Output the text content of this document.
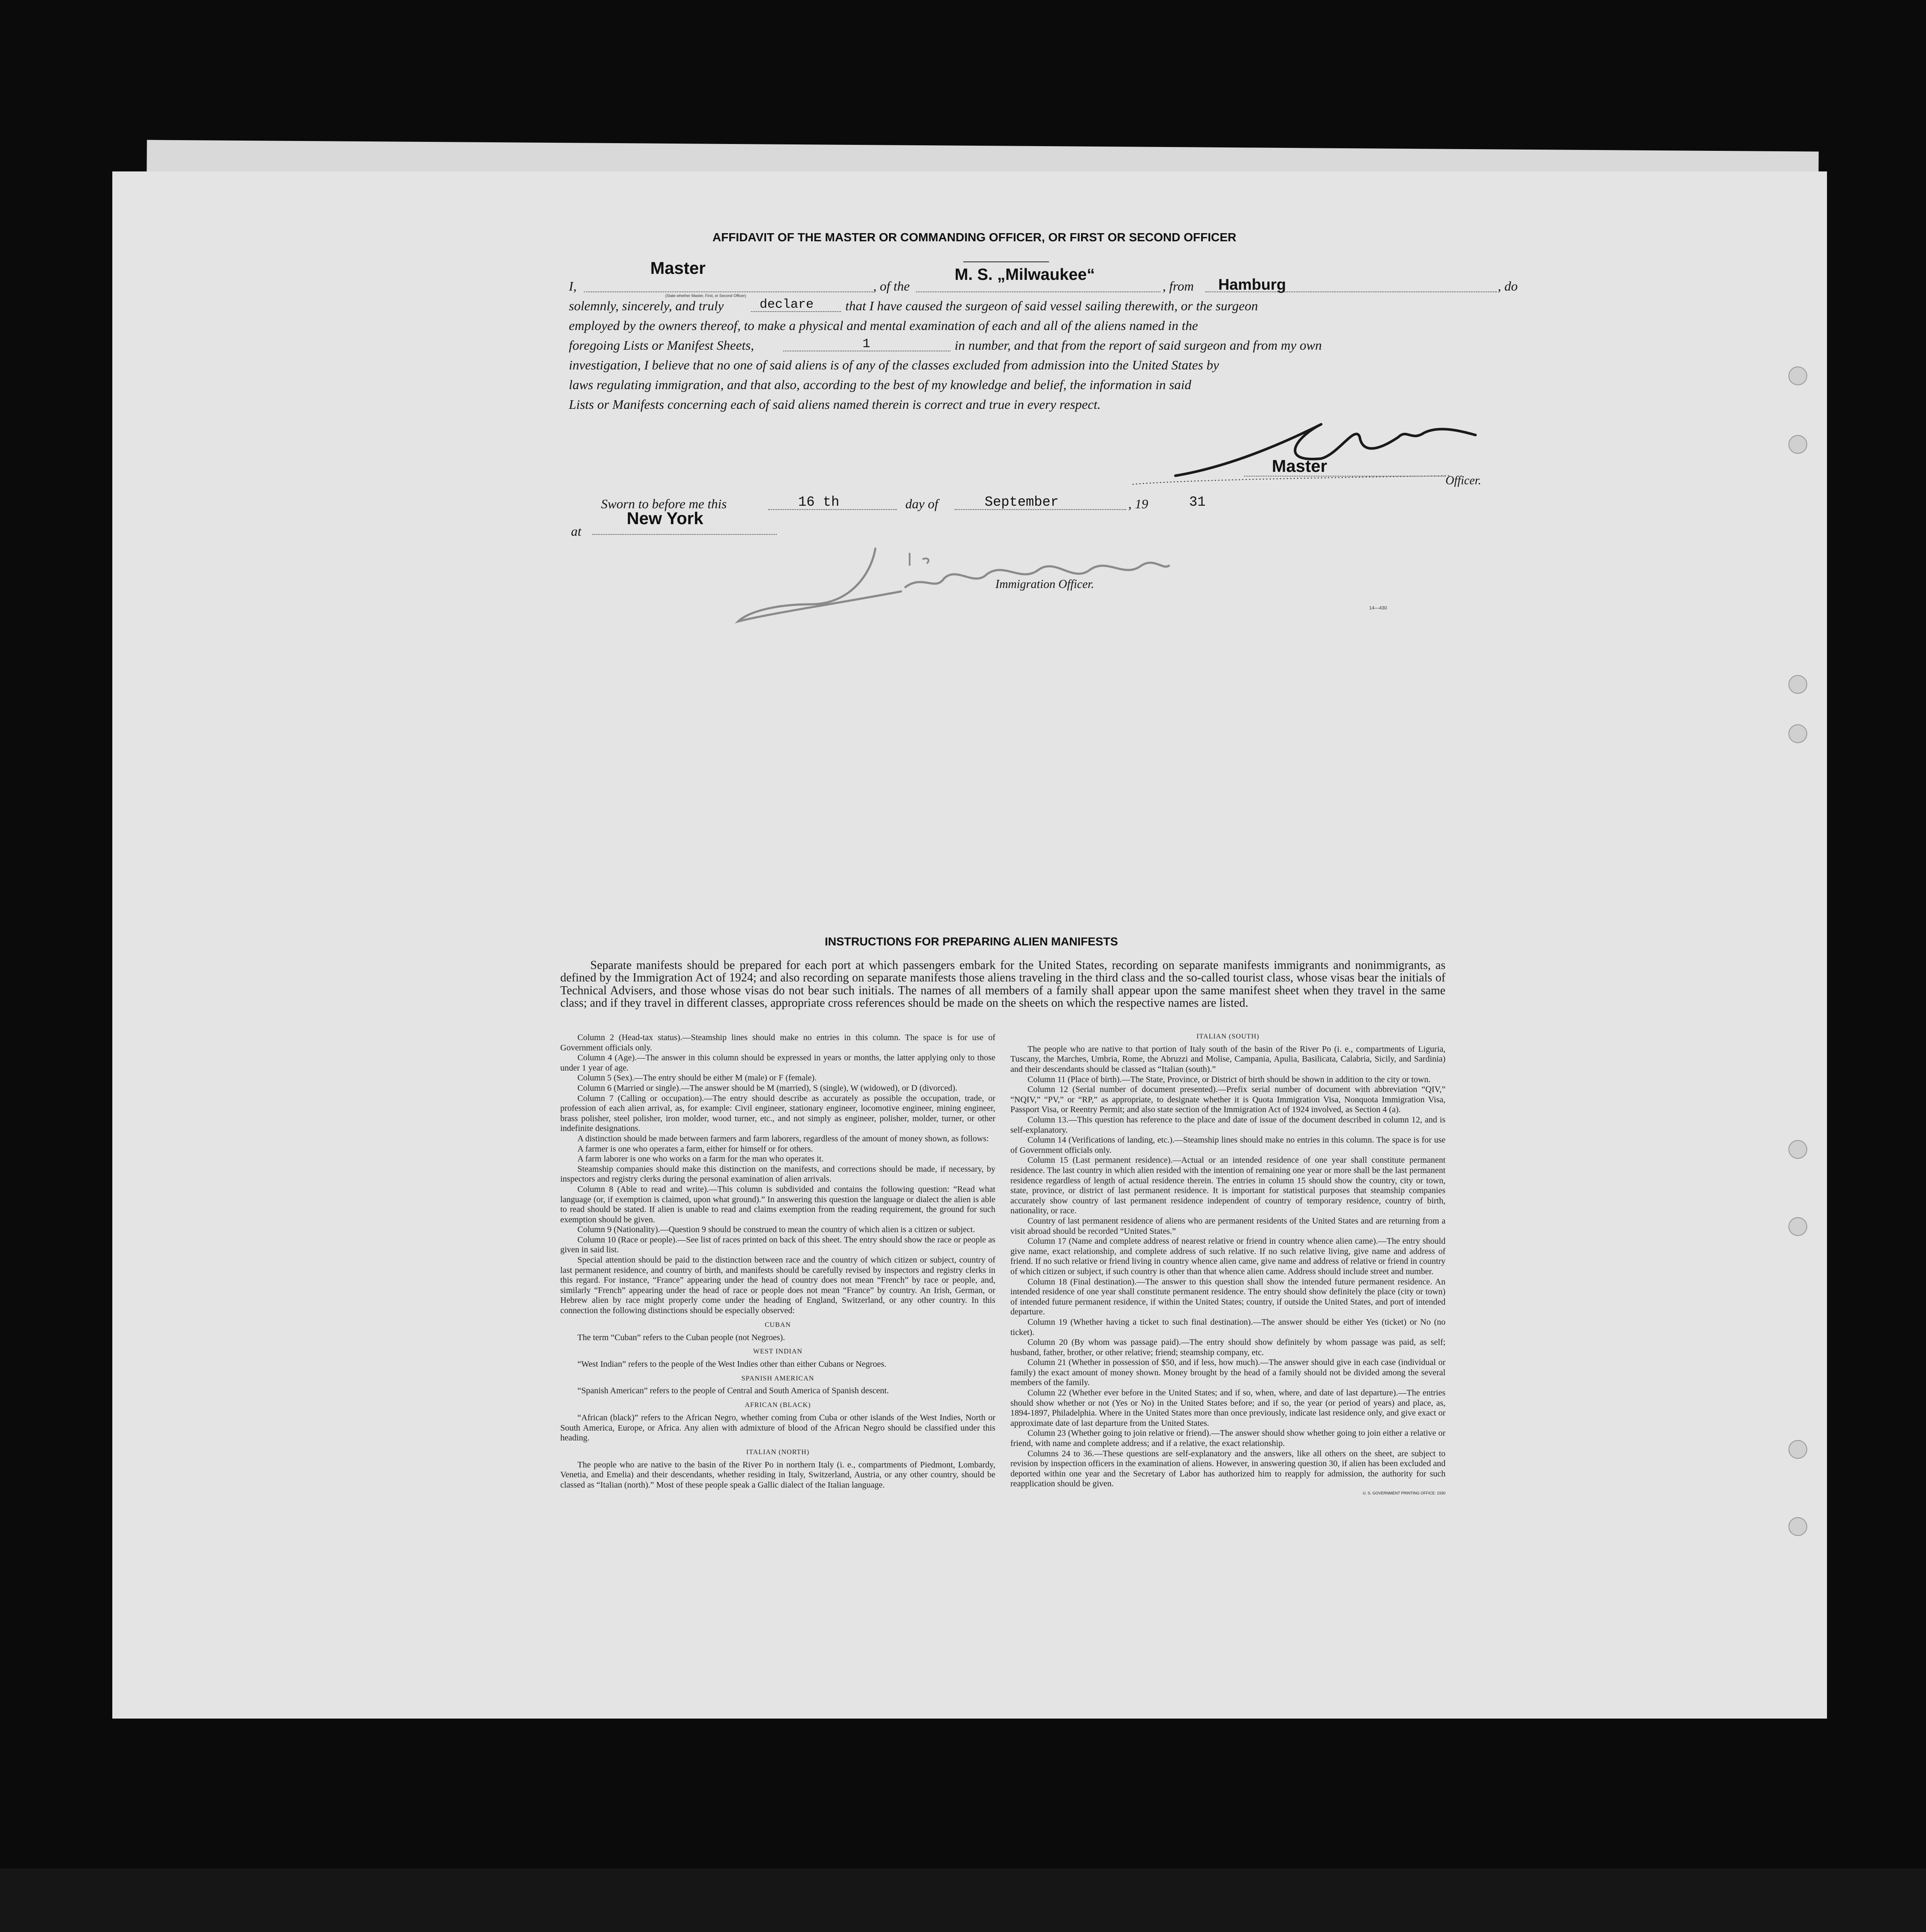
AFFIDAVIT OF THE MASTER OR COMMANDING OFFICER, OR FIRST OR SECOND OFFICER
I,
Master
(State whether Master, First, or Second Officer)
, of the
M. S. „Milwaukee“
, from Hamburg	, do
solemnly, sincerely, and truly	declare that I have caused the surgeon of said vessel sailing therewith, or the surgeon
employed by the owners thereof, to make a physical and mental examination of each and all of the aliens named in the
foregoing Lists or Manifest Sheets,	1	in number, and that from the report of said surgeon and from my own
investigation, I believe that no one of said aliens is of any of the classes excluded from admission into the United States by
laws regulating immigration, and that also, according to the best of my knowledge and belief, the information in said
Lists or Manifests concerning each of said aliens named therein is correct and true in every respect.
Master
Officer.
Sworn to before me this	16 th	day of	September	, 19	31
at
New York
Immigration Officer.
14—430
INSTRUCTIONS FOR PREPARING ALIEN MANIFESTS
Separate manifests should be prepared for each port at which passengers embark for the United States, recording on separate manifests immigrants and nonimmigrants, as defined by the Immigration Act of 1924; and also recording on separate manifests those aliens traveling in the third class and the so-called tourist class, whose visas bear the initials of Technical Advisers, and those whose visas do not bear such initials. The names of all members of a family shall appear upon the same manifest sheet when they travel in the same class; and if they travel in different classes, appropriate cross references should be made on the sheets on which the respective names are listed.

Column 2 (Head-tax status).—Steamship lines should make no entries in this column. The space is for use of Government officials only.

Column 4 (Age).—The answer in this column should be expressed in years or months, the latter applying only to those under 1 year of age.

Column 5 (Sex).—The entry should be either M (male) or F (female).

Column 6 (Married or single).—The answer should be M (married), S (single), W (widowed), or D (divorced).

Column 7 (Calling or occupation).—The entry should describe as accurately as possible the occupation, trade, or profession of each alien arrival, as, for example: Civil engineer, stationary engineer, locomotive engineer, mining engineer, brass polisher, steel polisher, iron molder, wood turner, etc., and not simply as engineer, polisher, molder, turner, or other indefinite designations.

A distinction should be made between farmers and farm laborers, regardless of the amount of money shown, as follows:

A farmer is one who operates a farm, either for himself or for others.

A farm laborer is one who works on a farm for the man who operates it.

Steamship companies should make this distinction on the manifests, and corrections should be made, if necessary, by inspectors and registry clerks during the personal examination of alien arrivals.

Column 8 (Able to read and write).—This column is subdivided and contains the following question: “Read what language (or, if exemption is claimed, upon what ground).” In answering this question the language or dialect the alien is able to read should be stated. If alien is unable to read and claims exemption from the reading requirement, the ground for such exemption should be given.

Column 9 (Nationality).—Question 9 should be construed to mean the country of which alien is a citizen or subject.

Column 10 (Race or people).—See list of races printed on back of this sheet. The entry should show the race or people as given in said list.

Special attention should be paid to the distinction between race and the country of which citizen or subject, country of last permanent residence, and country of birth, and manifests should be carefully revised by inspectors and registry clerks in this regard. For instance, “France” appearing under the head of country does not mean “French” by race or people, and, similarly “French” appearing under the head of race or people does not mean “France” by country. An Irish, German, or Hebrew alien by race might properly come under the heading of England, Switzerland, or any other country. In this connection the following distinctions should be especially observed:

CUBAN

The term “Cuban” refers to the Cuban people (not Negroes).

WEST INDIAN

“West Indian” refers to the people of the West Indies other than either Cubans or Negroes.

SPANISH AMERICAN

“Spanish American” refers to the people of Central and South America of Spanish descent.

AFRICAN (BLACK)

“African (black)” refers to the African Negro, whether coming from Cuba or other islands of the West Indies, North or South America, Europe, or Africa. Any alien with admixture of blood of the African Negro should be classified under this heading.

ITALIAN (NORTH)

The people who are native to the basin of the River Po in northern Italy (i. e., compartments of Piedmont, Lombardy, Venetia, and Emelia) and their descendants, whether residing in Italy, Switzerland, Austria, or any other country, should be classed as “Italian (north).” Most of these people speak a Gallic dialect of the Italian language.

ITALIAN (SOUTH)

The people who are native to that portion of Italy south of the basin of the River Po (i. e., compartments of Liguria, Tuscany, the Marches, Umbria, Rome, the Abruzzi and Molise, Campania, Apulia, Basilicata, Calabria, Sicily, and Sardinia) and their descendants should be classed as “Italian (south).”

Column 11 (Place of birth).—The State, Province, or District of birth should be shown in addition to the city or town.

Column 12 (Serial number of document presented).—Prefix serial number of document with abbreviation “QIV,” “NQIV,” “PV,” or “RP,” as appropriate, to designate whether it is Quota Immigration Visa, Nonquota Immigration Visa, Passport Visa, or Reentry Permit; and also state section of the Immigration Act of 1924 involved, as Section 4 (a).

Column 13.—This question has reference to the place and date of issue of the document described in column 12, and is self-explanatory.

Column 14 (Verifications of landing, etc.).—Steamship lines should make no entries in this column. The space is for use of Government officials only.

Column 15 (Last permanent residence).—Actual or an intended residence of one year shall constitute permanent residence. The last country in which alien resided with the intention of remaining one year or more shall be the last permanent residence regardless of length of actual residence therein. The entries in column 15 should show the country, city or town, state, province, or district of last permanent residence. It is important for statistical purposes that steamship companies accurately show country of last permanent residence independent of country of temporary residence, country of birth, nationality, or race.

Country of last permanent residence of aliens who are permanent residents of the United States and are returning from a visit abroad should be recorded “United States.”

Column 17 (Name and complete address of nearest relative or friend in country whence alien came).—The entry should give name, exact relationship, and complete address of such relative. If no such relative living, give name and address of friend. If no such relative or friend living in country whence alien came, give name and address of relative or friend in country of which citizen or subject, if such country is other than that whence alien came. Address should include street and number.

Column 18 (Final destination).—The answer to this question shall show the intended future permanent residence. An intended residence of one year shall constitute permanent residence. The entry should show definitely the place (city or town) of intended future permanent residence, if within the United States; country, if outside the United States, and port of intended departure.

Column 19 (Whether having a ticket to such final destination).—The answer should be either Yes (ticket) or No (no ticket).

Column 20 (By whom was passage paid).—The entry should show definitely by whom passage was paid, as self; husband, father, brother, or other relative; friend; steamship company, etc.

Column 21 (Whether in possession of $50, and if less, how much).—The answer should give in each case (individual or family) the exact amount of money shown. Money brought by the head of a family should not be divided among the several members of the family.

Column 22 (Whether ever before in the United States; and if so, when, where, and date of last departure).—The entries should show whether or not (Yes or No) in the United States before; and if so, the year (or period of years) and place, as, 1894-1897, Philadelphia. Where in the United States more than once previously, indicate last residence only, and give exact or approximate date of last departure from the United States.

Column 23 (Whether going to join relative or friend).—The answer should show whether going to join either a relative or friend, with name and complete address; and if a relative, the exact relationship.

Columns 24 to 36.—These questions are self-explanatory and the answers, like all others on the sheet, are subject to revision by inspection officers in the examination of aliens. However, in answering question 30, if alien has been excluded and deported within one year and the Secretary of Labor has authorized him to reapply for admission, the authority for such reapplication should be given.

U. S. GOVERNMENT PRINTING OFFICE: 1930
